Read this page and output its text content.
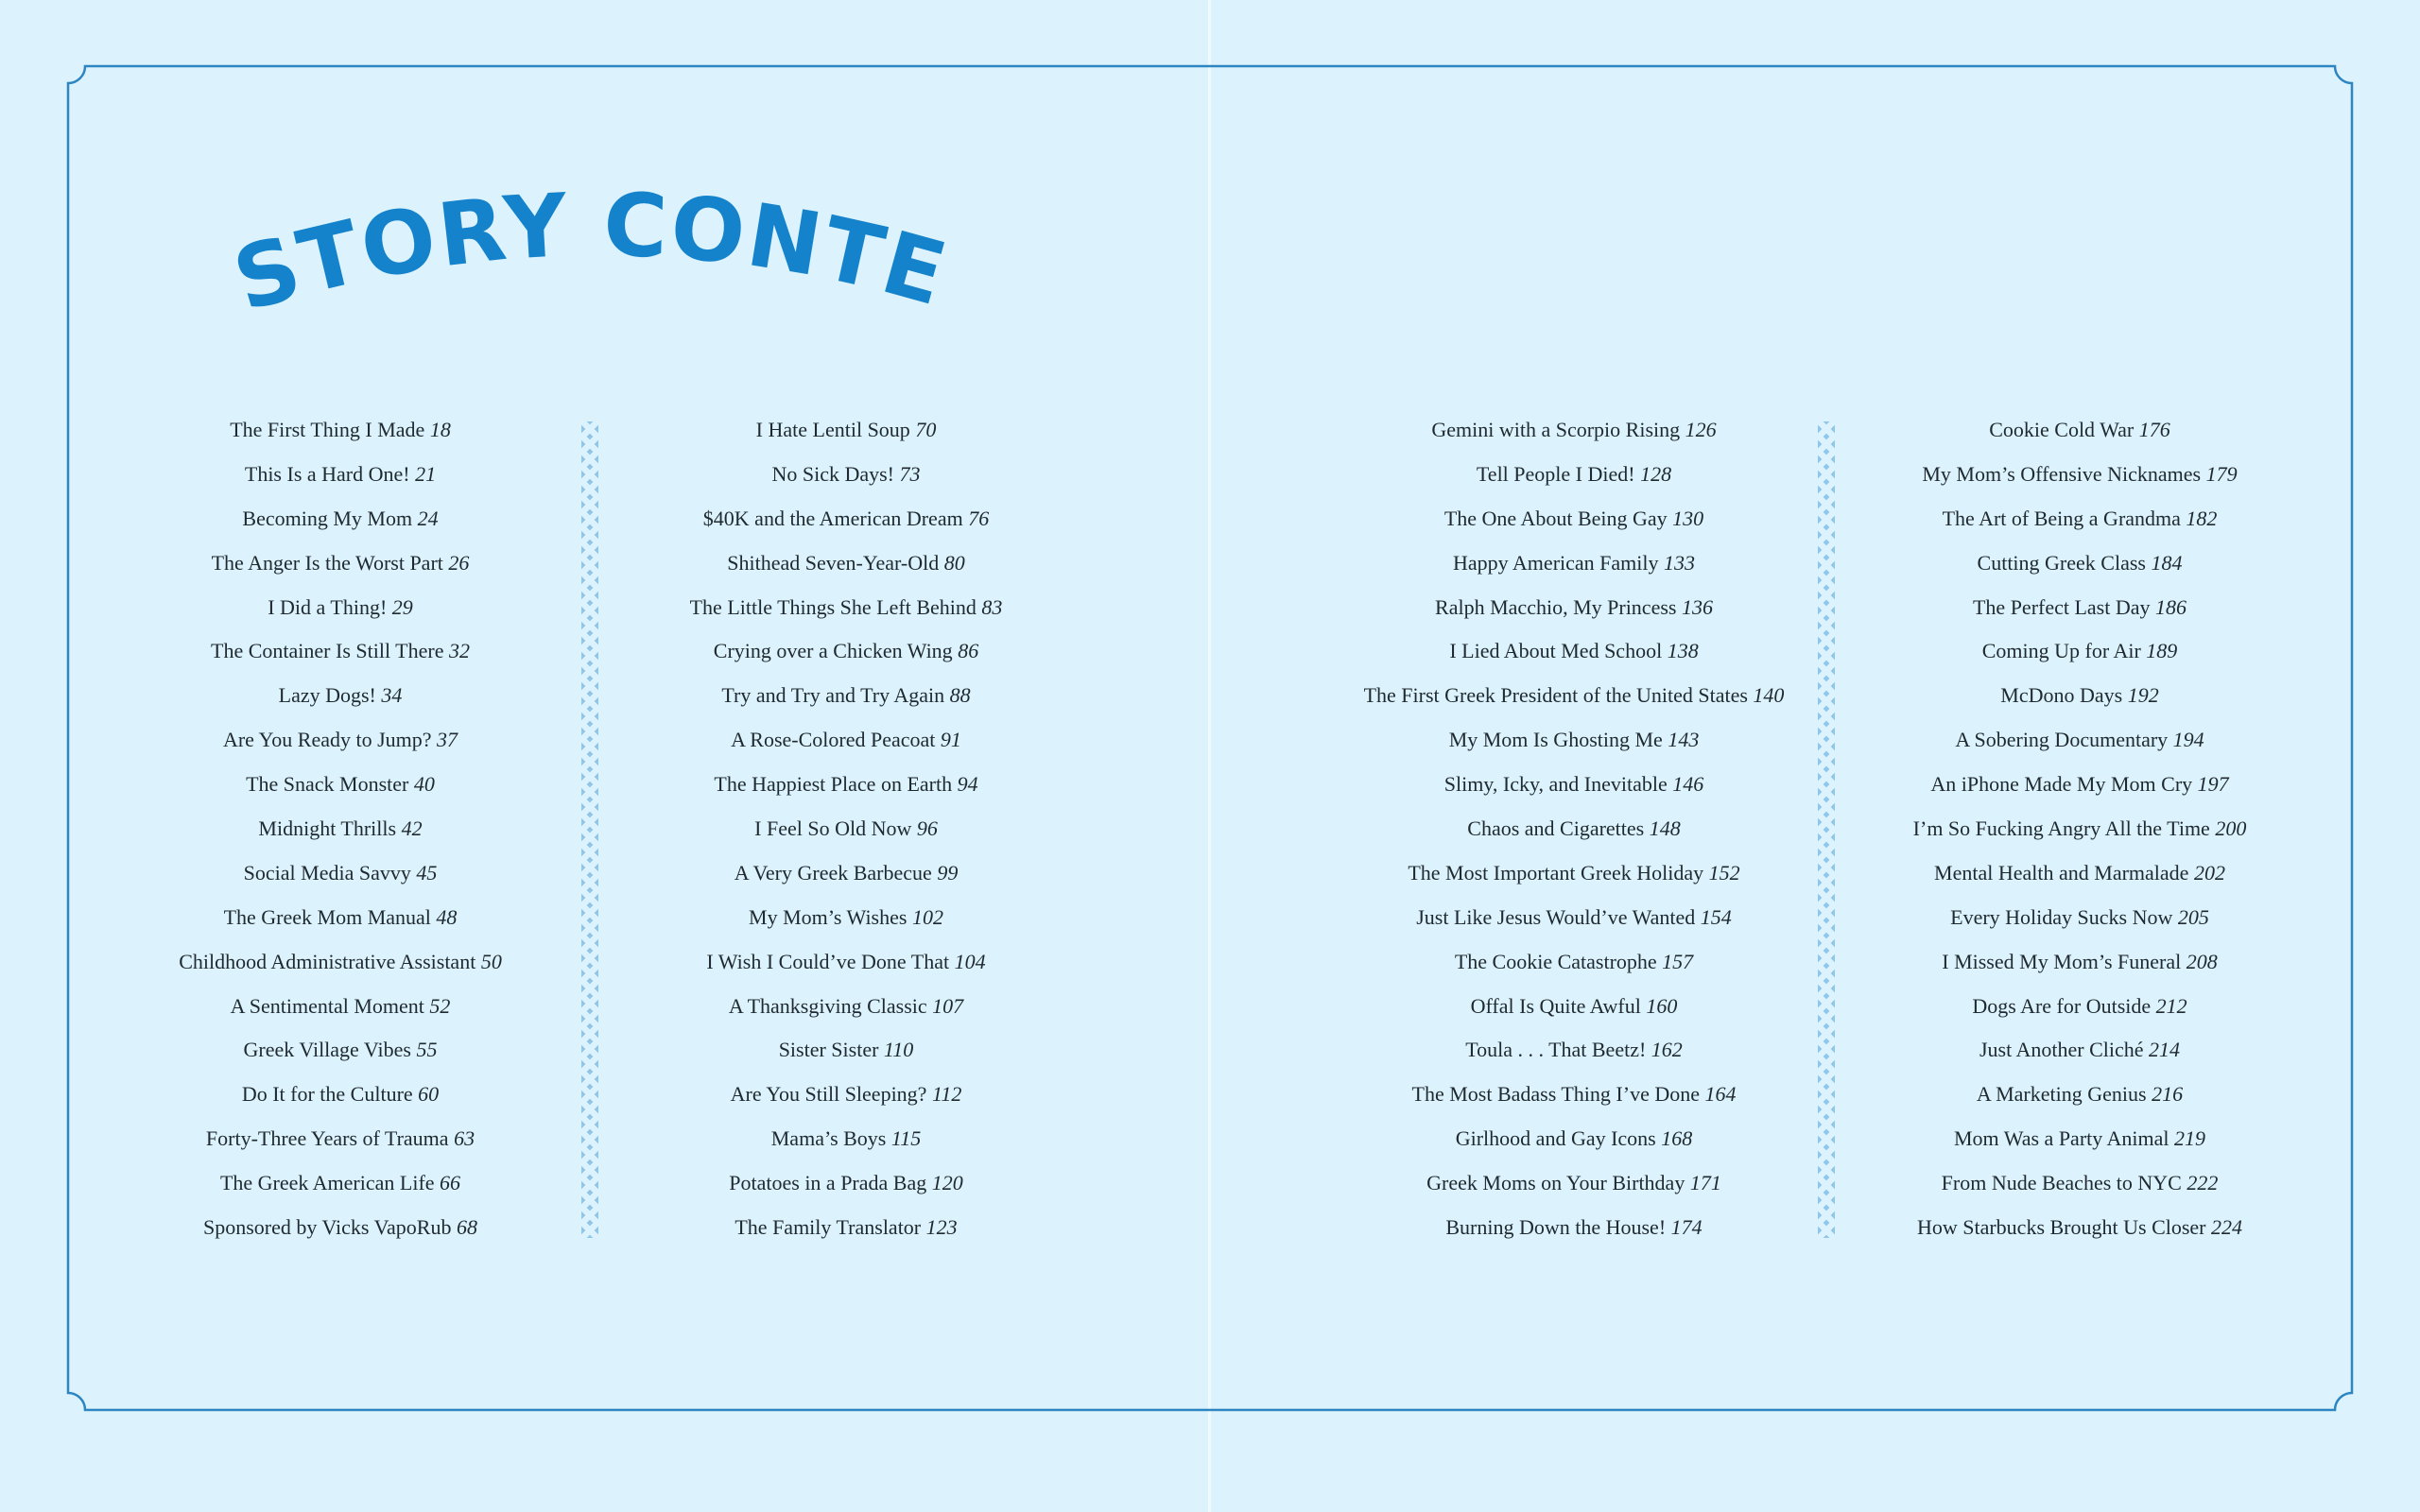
STORY CONTENTS
The First Thing I Made 18
This Is a Hard One! 21
Becoming My Mom 24
The Anger Is the Worst Part 26
I Did a Thing! 29
The Container Is Still There 32
Lazy Dogs! 34
Are You Ready to Jump? 37
The Snack Monster 40
Midnight Thrills 42
Social Media Savvy 45
The Greek Mom Manual 48
Childhood Administrative Assistant 50
A Sentimental Moment 52
Greek Village Vibes 55
Do It for the Culture 60
Forty-Three Years of Trauma 63
The Greek American Life 66
Sponsored by Vicks VapoRub 68
I Hate Lentil Soup 70
No Sick Days! 73
$40K and the American Dream 76
Shithead Seven-Year-Old 80
The Little Things She Left Behind 83
Crying over a Chicken Wing 86
Try and Try and Try Again 88
A Rose-Colored Peacoat 91
The Happiest Place on Earth 94
I Feel So Old Now 96
A Very Greek Barbecue 99
My Mom’s Wishes 102
I Wish I Could’ve Done That 104
A Thanksgiving Classic 107
Sister Sister 110
Are You Still Sleeping? 112
Mama’s Boys 115
Potatoes in a Prada Bag 120
The Family Translator 123
Gemini with a Scorpio Rising 126
Tell People I Died! 128
The One About Being Gay 130
Happy American Family 133
Ralph Macchio, My Princess 136
I Lied About Med School 138
The First Greek President of the United States 140
My Mom Is Ghosting Me 143
Slimy, Icky, and Inevitable 146
Chaos and Cigarettes 148
The Most Important Greek Holiday 152
Just Like Jesus Would’ve Wanted 154
The Cookie Catastrophe 157
Offal Is Quite Awful 160
Toula . . . That Beetz! 162
The Most Badass Thing I’ve Done 164
Girlhood and Gay Icons 168
Greek Moms on Your Birthday 171
Burning Down the House! 174
Cookie Cold War 176
My Mom’s Offensive Nicknames 179
The Art of Being a Grandma 182
Cutting Greek Class 184
The Perfect Last Day 186
Coming Up for Air 189
McDono Days 192
A Sobering Documentary 194
An iPhone Made My Mom Cry 197
I’m So Fucking Angry All the Time 200
Mental Health and Marmalade 202
Every Holiday Sucks Now 205
I Missed My Mom’s Funeral 208
Dogs Are for Outside 212
Just Another Cliché 214
A Marketing Genius 216
Mom Was a Party Animal 219
From Nude Beaches to NYC 222
How Starbucks Brought Us Closer 224
